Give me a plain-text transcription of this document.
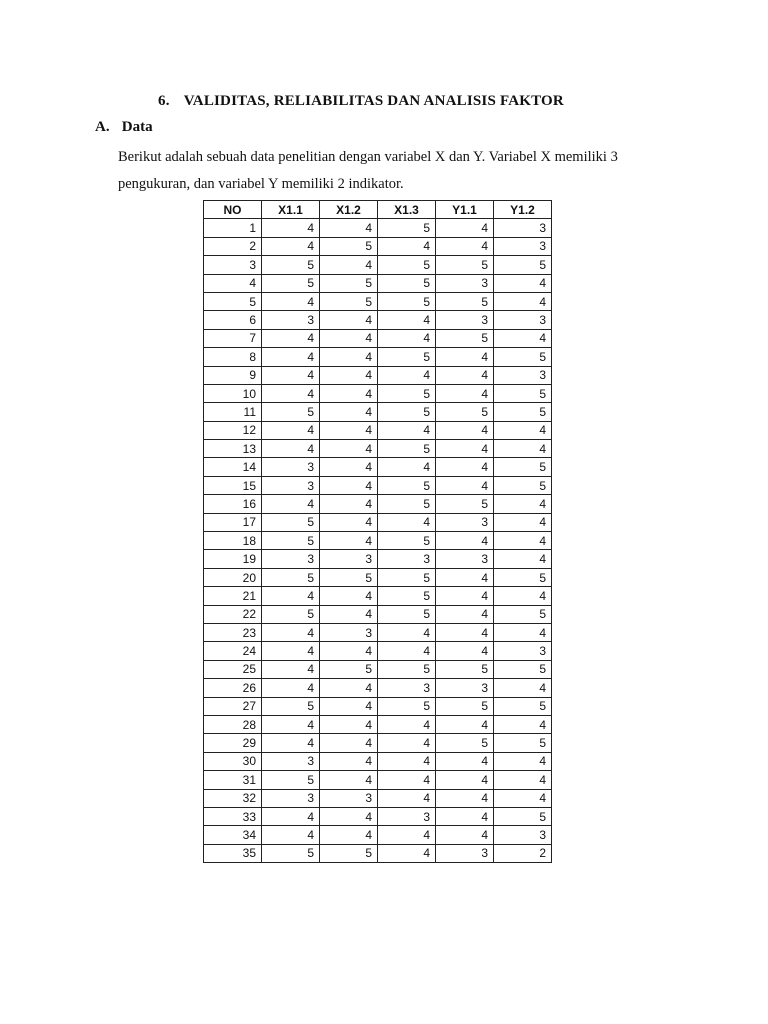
6. VALIDITAS, RELIABILITAS DAN ANALISIS FAKTOR
A. Data
Berikut adalah sebuah data penelitian dengan variabel X dan Y. Variabel X memiliki 3
pengukuran, dan variabel Y memiliki 2 indikator.
NO	X1.1	X1.2	X1.3	Y1.1	Y1.2
1	4	4	5	4	3
2	4	5	4	4	3
3	5	4	5	5	5
4	5	5	5	3	4
5	4	5	5	5	4
6	3	4	4	3	3
7	4	4	4	5	4
8	4	4	5	4	5
9	4	4	4	4	3
10	4	4	5	4	5
11	5	4	5	5	5
12	4	4	4	4	4
13	4	4	5	4	4
14	3	4	4	4	5
15	3	4	5	4	5
16	4	4	5	5	4
17	5	4	4	3	4
18	5	4	5	4	4
19	3	3	3	3	4
20	5	5	5	4	5
21	4	4	5	4	4
22	5	4	5	4	5
23	4	3	4	4	4
24	4	4	4	4	3
25	4	5	5	5	5
26	4	4	3	3	4
27	5	4	5	5	5
28	4	4	4	4	4
29	4	4	4	5	5
30	3	4	4	4	4
31	5	4	4	4	4
32	3	3	4	4	4
33	4	4	3	4	5
34	4	4	4	4	3
35	5	5	4	3	2
